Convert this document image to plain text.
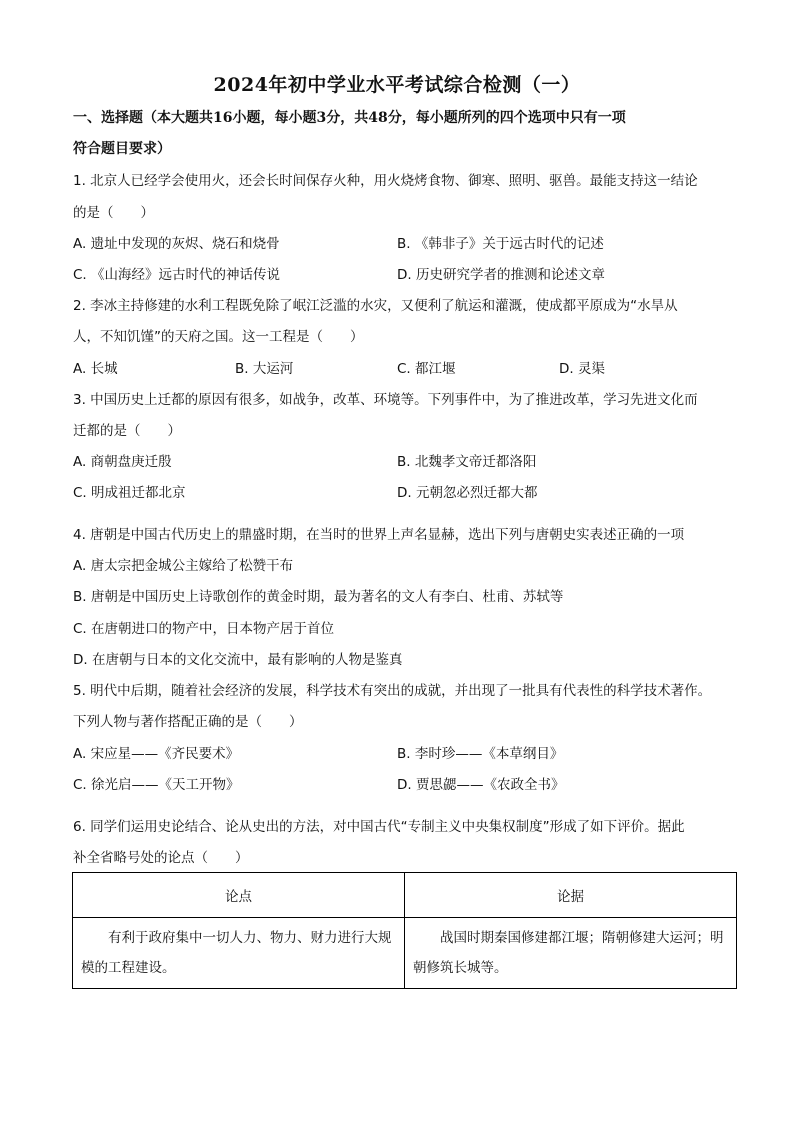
2024年初中学业水平考试综合检测（一）
一、选择题（本大题共16小题，每小题3分，共48分，每小题所列的四个选项中只有一项
符合题目要求）
1. 北京人已经学会使用火，还会长时间保存火种，用火烧烤食物、御寒、照明、驱兽。最能支持这一结论
的是（　　）
A. 遗址中发现的灰烬、烧石和烧骨	B. 《韩非子》关于远古时代的记述
C. 《山海经》远古时代的神话传说	D. 历史研究学者的推测和论述文章
2. 李冰主持修建的水利工程既免除了岷江泛滥的水灾，又便利了航运和灌溉，使成都平原成为“水旱从
人，不知饥馑”的天府之国。这一工程是（　　）
A. 长城	B. 大运河	C. 都江堰	D. 灵渠
3. 中国历史上迁都的原因有很多，如战争，改革、环境等。下列事件中，为了推进改革，学习先进文化而
迁都的是（　　）
A. 商朝盘庚迁殷	B. 北魏孝文帝迁都洛阳
C. 明成祖迁都北京	D. 元朝忽必烈迁都大都
4. 唐朝是中国古代历史上的鼎盛时期，在当时的世界上声名显赫，选出下列与唐朝史实表述正确的一项
A. 唐太宗把金城公主嫁给了松赞干布
B. 唐朝是中国历史上诗歌创作的黄金时期，最为著名的文人有李白、杜甫、苏轼等
C. 在唐朝进口的物产中，日本物产居于首位
D. 在唐朝与日本的文化交流中，最有影响的人物是鉴真
5. 明代中后期，随着社会经济的发展，科学技术有突出的成就，并出现了一批具有代表性的科学技术著作。
下列人物与著作搭配正确的是（　　）
A. 宋应星——《齐民要术》	B. 李时珍——《本草纲目》
C. 徐光启——《天工开物》	D. 贾思勰——《农政全书》
6. 同学们运用史论结合、论从史出的方法，对中国古代“专制主义中央集权制度”形成了如下评价。据此
补全省略号处的论点（　　）
论点	论据
有利于政府集中一切人力、物力、财力进行大规模的工程建设。	战国时期秦国修建都江堰；隋朝修建大运河；明朝修筑长城等。
